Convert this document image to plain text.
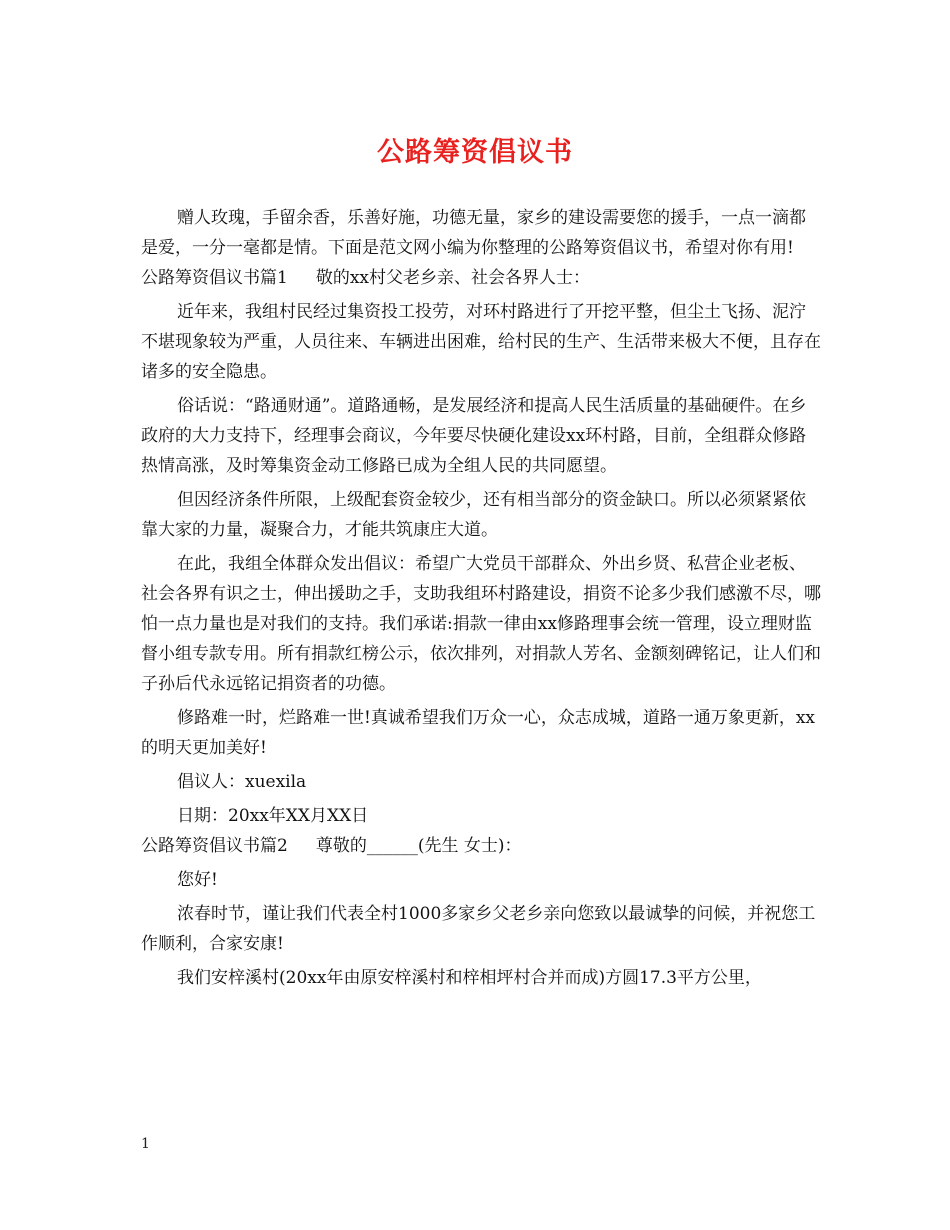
公路筹资倡议书

赠人玫瑰，手留余香，乐善好施，功德无量，家乡的建设需要您的援手，一点一滴都是爱，一分一毫都是情。下面是范文网小编为你整理的公路筹资倡议书，希望对你有用!

公路筹资倡议书篇1 敬的xx村父老乡亲、社会各界人士：

近年来，我组村民经过集资投工投劳，对环村路进行了开挖平整，但尘土飞扬、泥泞不堪现象较为严重，人员往来、车辆进出困难，给村民的生产、生活带来极大不便，且存在诸多的安全隐患。

俗话说：“路通财通”。道路通畅，是发展经济和提高人民生活质量的基础硬件。在乡政府的大力支持下，经理事会商议，今年要尽快硬化建设xx环村路，目前，全组群众修路热情高涨，及时筹集资金动工修路已成为全组人民的共同愿望。

但因经济条件所限，上级配套资金较少，还有相当部分的资金缺口。所以必须紧紧依靠大家的力量，凝聚合力，才能共筑康庄大道。

在此，我组全体群众发出倡议：希望广大党员干部群众、外出乡贤、私营企业老板、社会各界有识之士，伸出援助之手，支助我组环村路建设，捐资不论多少我们感激不尽，哪怕一点力量也是对我们的支持。我们承诺:捐款一律由xx修路理事会统一管理，设立理财监督小组专款专用。所有捐款红榜公示，依次排列，对捐款人芳名、金额刻碑铭记，让人们和子孙后代永远铭记捐资者的功德。

修路难一时，烂路难一世!真诚希望我们万众一心，众志成城，道路一通万象更新，xx的明天更加美好!

倡议人：xuexila

日期：20xx年XX月XX日

公路筹资倡议书篇2 尊敬的______(先生 女士)：

您好!

浓春时节，谨让我们代表全村1000多家乡父老乡亲向您致以最诚挚的问候，并祝您工作顺利，合家安康!

我们安梓溪村(20xx年由原安梓溪村和梓相坪村合并而成)方圆17.3平方公里，

1
